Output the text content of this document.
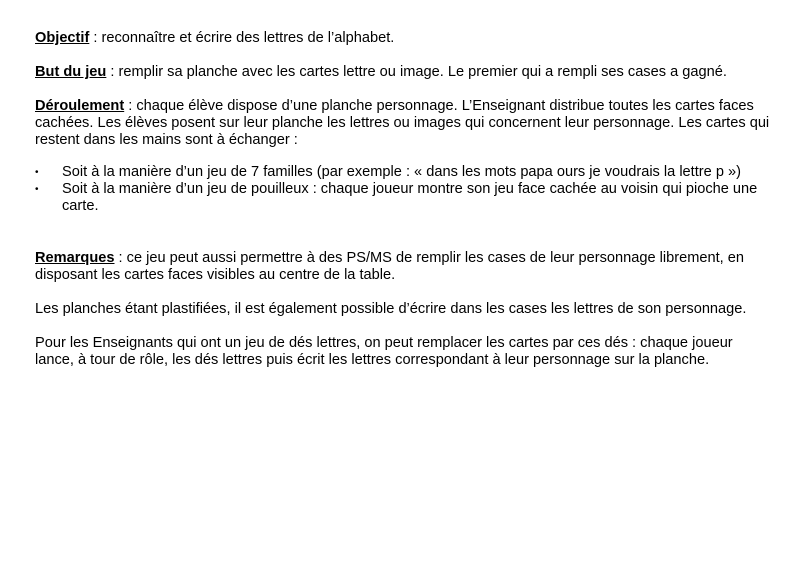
Objectif : reconnaître et écrire des lettres de l’alphabet.

But du jeu : remplir sa planche avec les cartes lettre ou image. Le premier qui a rempli ses cases a gagné.

Déroulement : chaque élève dispose d’une planche personnage. L’Enseignant distribue toutes les cartes faces cachées. Les élèves posent sur leur planche les lettres ou images qui concernent leur personnage. Les cartes qui restent dans les mains sont à échanger :

• Soit à la manière d’un jeu de 7 familles (par exemple : « dans les mots papa ours je voudrais la lettre p »)
• Soit à la manière d’un jeu de pouilleux : chaque joueur montre son jeu face cachée au voisin qui pioche une carte.

Remarques : ce jeu peut aussi permettre à des PS/MS de remplir les cases de leur personnage librement, en disposant les cartes faces visibles au centre de la table.

Les planches étant plastifiées, il est également possible d’écrire dans les cases les lettres de son personnage.

Pour les Enseignants qui ont un jeu de dés lettres, on peut remplacer les cartes par ces dés : chaque joueur lance, à tour de rôle, les dés lettres puis écrit les lettres correspondant à leur personnage sur la planche.
